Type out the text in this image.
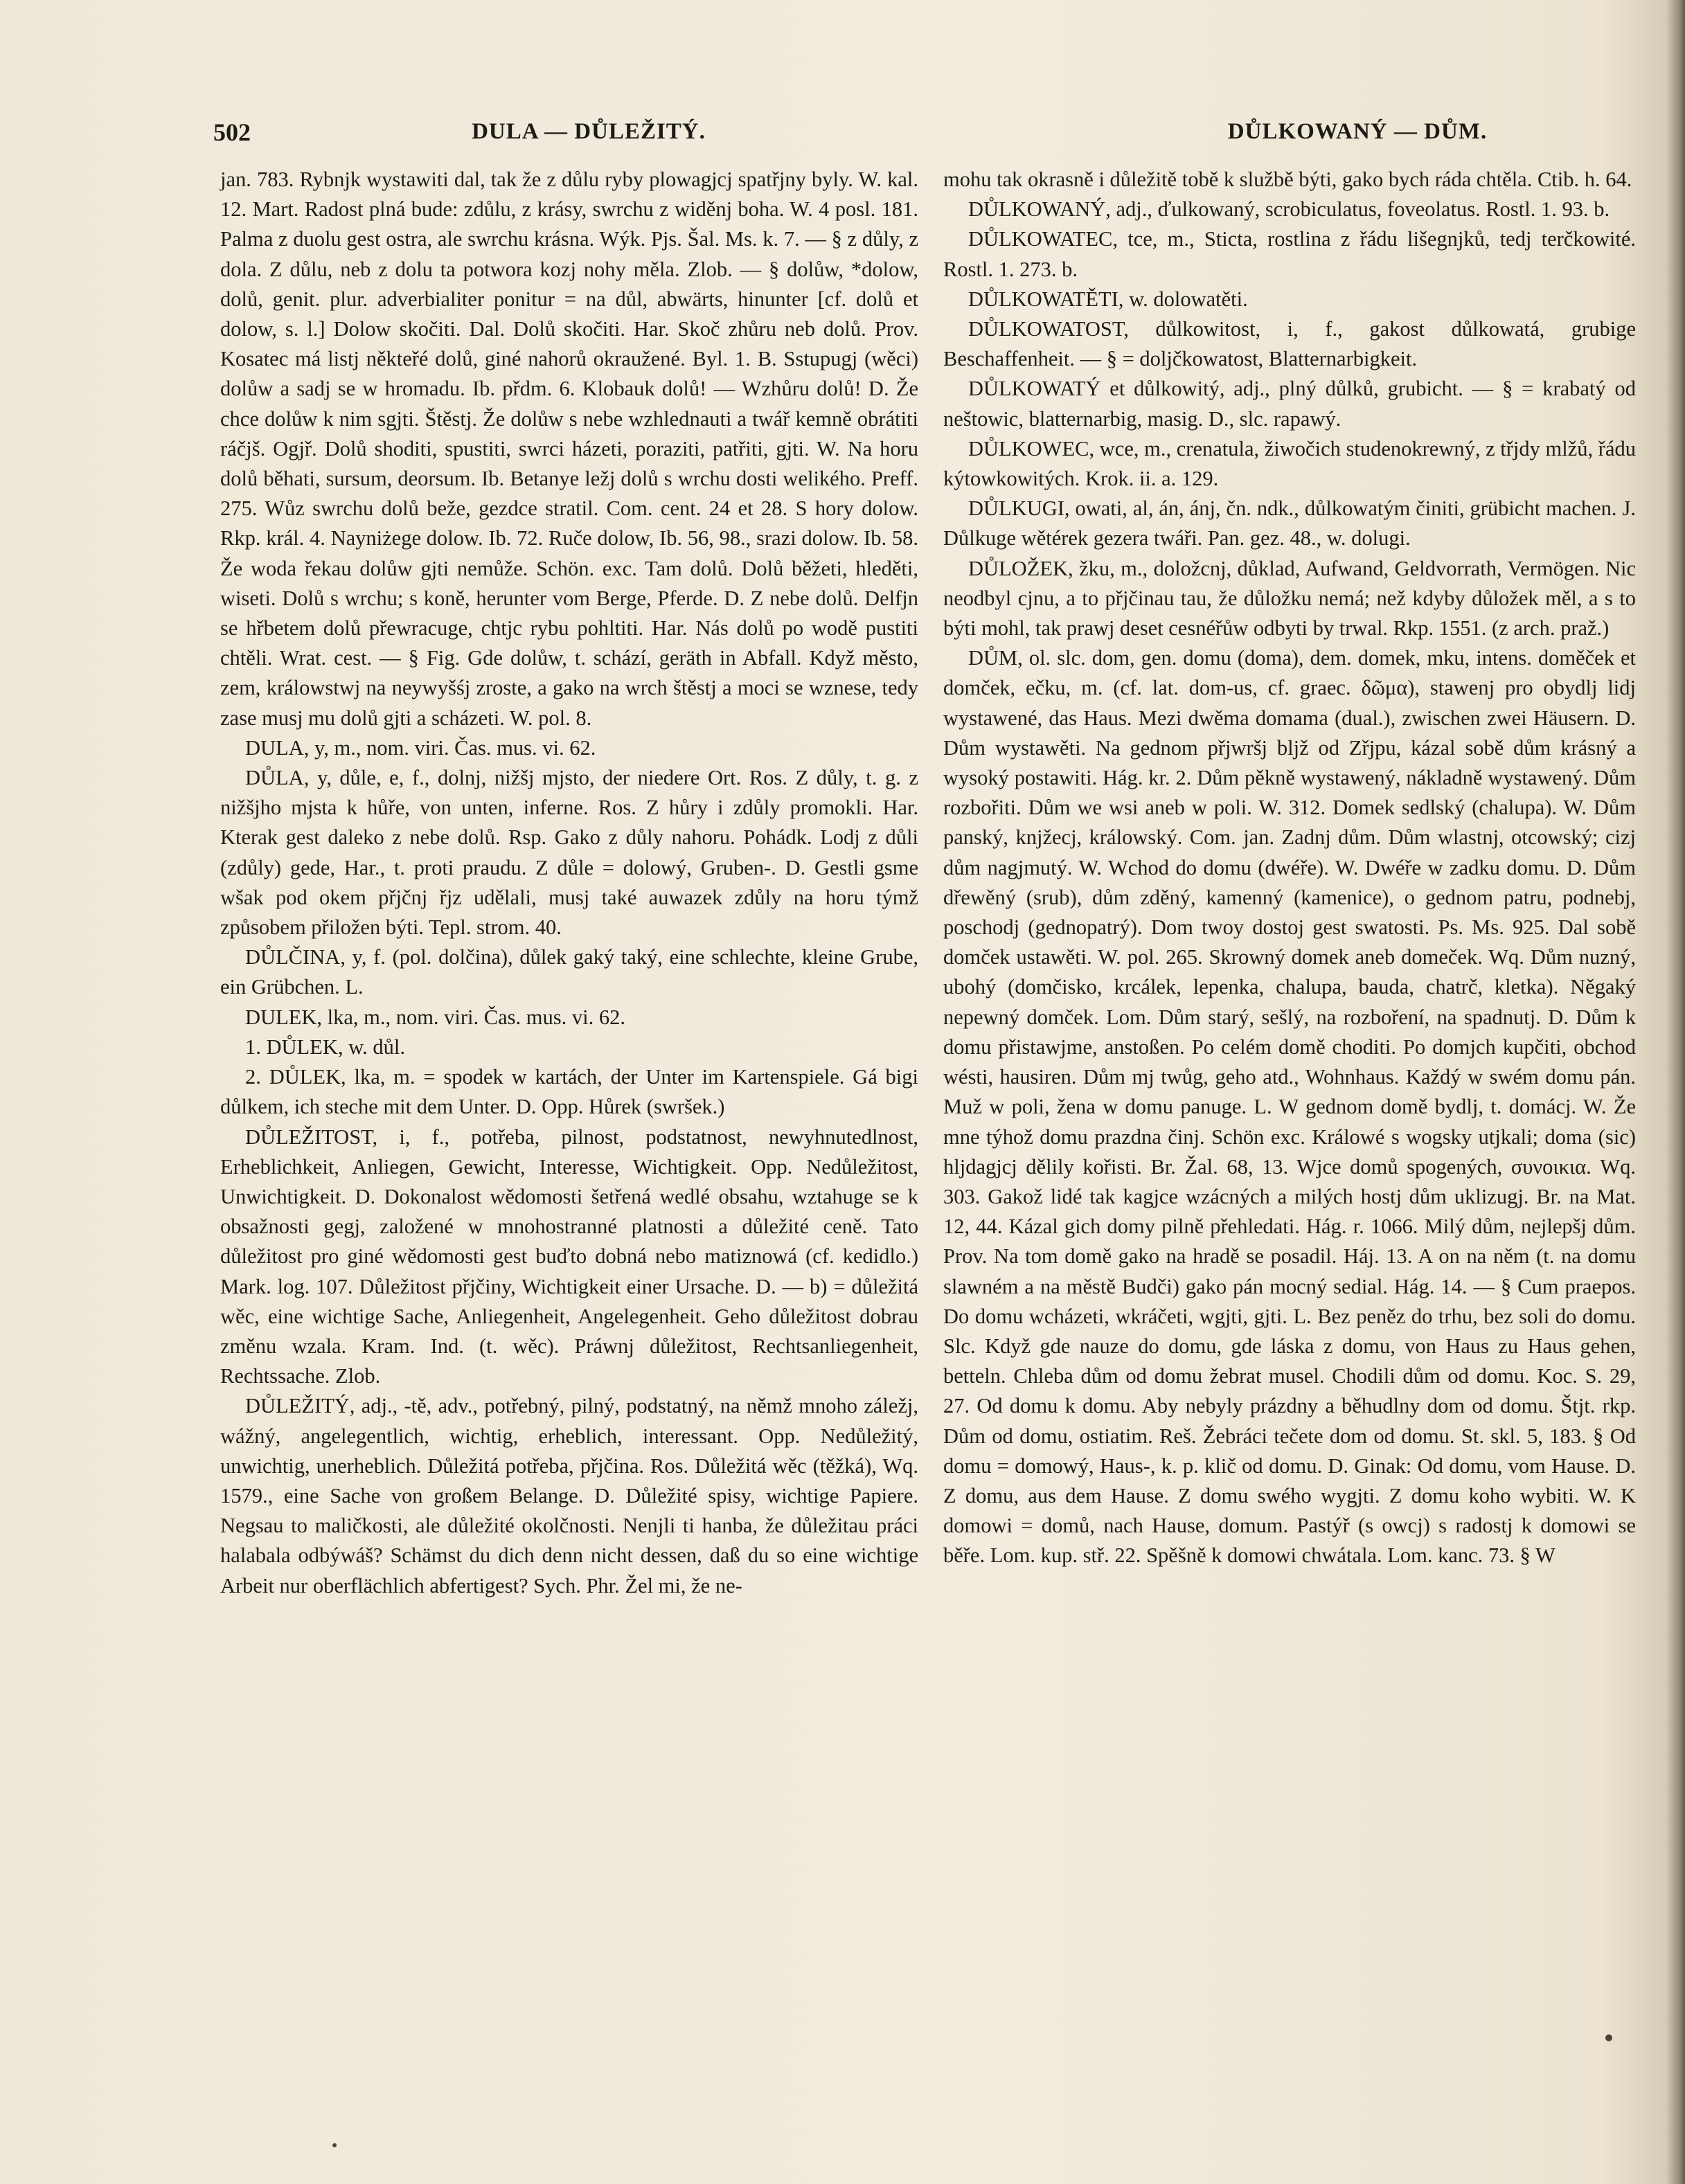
502	DULA — DŮLEŽITÝ.	DŮLKOWANÝ — DŮM.

jan. 783. Rybnjk wystawiti dal, tak že z důlu ryby plowagjcj spatřjny byly. W. kal. 12. Mart. Radost plná bude: zdůlu, z krásy, swrchu z widěnj boha. W. 4 posl. 181. Palma z duolu gest ostra, ale swrchu krásna. Wýk. Pjs. Šal. Ms. k. 7. — § z důly, z dola. Z důlu, neb z dolu ta potwora kozj nohy měla. Zlob. — § dolůw, *dolow, dolů, genit. plur. adverbialiter ponitur = na důl, abwärts, hinunter [cf. dolů et dolow, s. l.] Dolow skočiti. Dal. Dolů skočiti. Har. Skoč zhůru neb dolů. Prov. Kosatec má listj někteřé dolů, giné nahorů okraužené. Byl. 1. B. Sstupugj (wěci) dolůw a sadj se w hromadu. Ib. přdm. 6. Klobauk dolů! — Wzhůru dolů! D. Že chce dolůw k nim sgjti. Štěstj. Že dolůw s nebe wzhlednauti a twář kemně obrátiti ráčjš. Ogjř. Dolů shoditi, spustiti, swrci házeti, poraziti, patřiti, gjti. W. Na horu dolů běhati, sursum, deorsum. Ib. Betanye ležj dolů s wrchu dosti welikého. Preff. 275. Wůz swrchu dolů beže, gezdce stratil. Com. cent. 24 et 28. S hory dolow. Rkp. král. 4. Nayniżege dolow. Ib. 72. Ruče dolow, Ib. 56, 98., srazi dolow. Ib. 58. Že woda řekau dolůw gjti nemůže. Schön. exc. Tam dolů. Dolů běžeti, hleděti, wiseti. Dolů s wrchu; s koně, herunter vom Berge, Pferde. D. Z nebe dolů. Delfjn se hřbetem dolů přewracuge, chtjc rybu pohltiti. Har. Nás dolů po wodě pustiti chtěli. Wrat. cest. — § Fig. Gde dolůw, t. schází, geräth in Abfall. Když město, zem, králowstwj na neywyšśj zroste, a gako na wrch štěstj a moci se wznese, tedy zase musj mu dolů gjti a scházeti. W. pol. 8.

DULA, y, m., nom. viri. Čas. mus. vi. 62.

DŮLA, y, důle, e, f., dolnj, nižšj mjsto, der niedere Ort. Ros. Z důly, t. g. z nižšjho mjsta k hůře, von unten, inferne. Ros. Z hůry i zdůly promokli. Har. Kterak gest daleko z nebe dolů. Rsp. Gako z důly nahoru. Pohádk. Lodj z důli (zdůly) gede, Har., t. proti praudu. Z důle = dolowý, Gruben-. D. Gestli gsme wšak pod okem přjčnj řjz udělali, musj také auwazek zdůly na horu týmž způsobem přiložen býti. Tepl. strom. 40.

DŮLČINA, y, f. (pol. dolčina), důlek gaký taký, eine schlechte, kleine Grube, ein Grübchen. L.

DULEK, lka, m., nom. viri. Čas. mus. vi. 62.

1. DŮLEK, w. důl.

2. DŮLEK, lka, m. = spodek w kartách, der Unter im Kartenspiele. Gá bigi důlkem, ich steche mit dem Unter. D. Opp. Hůrek (swršek.)

DŮLEŽITOST, i, f., potřeba, pilnost, podstatnost, newyhnutedlnost, Erheblichkeit, Anliegen, Gewicht, Interesse, Wichtigkeit. Opp. Nedůležitost, Unwichtigkeit. D. Dokonalost wědomosti šetřená wedlé obsahu, wztahuge se k obsažnosti gegj, založené w mnohostranné platnosti a důležité ceně. Tato důležitost pro giné wědomosti gest buďto dobná nebo matiznowá (cf. kedidlo.) Mark. log. 107. Důležitost přjčiny, Wichtigkeit einer Ursache. D. — b) = důležitá wěc, eine wichtige Sache, Anliegenheit, Angelegenheit. Geho důležitost dobrau změnu wzala. Kram. Ind. (t. wěc). Práwnj důležitost, Rechtsanliegenheit, Rechtssache. Zlob.

DŮLEŽITÝ, adj., -tě, adv., potřebný, pilný, podstatný, na němž mnoho záležj, wážný, angelegentlich, wichtig, erheblich, interessant. Opp. Nedůležitý, unwichtig, unerheblich. Důležitá potřeba, přjčina. Ros. Důležitá wěc (těžká), Wq. 1579., eine Sache von großem Belange. D. Důležité spisy, wichtige Papiere. Negsau to maličkosti, ale důležité okolčnosti. Nenjli ti hanba, že důležitau práci halabala odbýwáš? Schämst du dich denn nicht dessen, daß du so eine wichtige Arbeit nur oberflächlich abfertigest? Sych. Phr. Žel mi, že ne-

mohu tak okrasně i důležitě tobě k službě býti, gako bych ráda chtěla. Ctib. h. 64.

DŮLKOWANÝ, adj., ďulkowaný, scrobiculatus, foveolatus. Rostl. 1. 93. b.

DŮLKOWATEC, tce, m., Sticta, rostlina z řádu lišegnjků, tedj terčkowité. Rostl. 1. 273. b.

DŮLKOWATĚTI, w. dolowatěti.

DŮLKOWATOST, důlkowitost, i, f., gakost důlkowatá, grubige Beschaffenheit. — § = doljčkowatost, Blatternarbigkeit.

DŮLKOWATÝ et důlkowitý, adj., plný důlků, grubicht. — § = krabatý od neštowic, blatternarbig, masig. D., slc. rapawý.

DŮLKOWEC, wce, m., crenatula, žiwočich studenokrewný, z třjdy mlžů, řádu kýtowkowitých. Krok. ii. a. 129.

DŮLKUGI, owati, al, án, ánj, čn. ndk., důlkowatým činiti, grübicht machen. J. Důlkuge wětérek gezera twáři. Pan. gez. 48., w. dolugi.

DŮLOŽEK, žku, m., doložcnj, důklad, Aufwand, Geldvorrath, Vermögen. Nic neodbyl cjnu, a to přjčinau tau, že důložku nemá; než kdyby důložek měl, a s to býti mohl, tak prawj deset cesnéřůw odbyti by trwal. Rkp. 1551. (z arch. praž.)

DŮM, ol. slc. dom, gen. domu (doma), dem. domek, mku, intens. doměček et domček, ečku, m. (cf. lat. dom-us, cf. graec. δῶμα), stawenj pro obydlj lidj wystawené, das Haus. Mezi dwěma domama (dual.), zwischen zwei Häusern. D. Dům wystawěti. Na gednom přjwršj bljž od Zřjpu, kázal sobě dům krásný a wysoký postawiti. Hág. kr. 2. Dům pěkně wystawený, nákladně wystawený. Dům rozbořiti. Dům we wsi aneb w poli. W. 312. Domek sedlský (chalupa). W. Dům panský, knjžecj, králowský. Com. jan. Zadnj dům. Dům wlastnj, otcowský; cizj dům nagjmutý. W. Wchod do domu (dwéře). W. Dwéře w zadku domu. D. Dům dřewěný (srub), dům zděný, kamenný (kamenice), o gednom patru, podnebj, poschodj (gednopatrý). Dom twoy dostoj gest swatosti. Ps. Ms. 925. Dal sobě domček ustawěti. W. pol. 265. Skrowný domek aneb domeček. Wq. Dům nuzný, ubohý (domčisko, krcálek, lepenka, chalupa, bauda, chatrč, kletka). Něgaký nepewný domček. Lom. Dům starý, sešlý, na rozboření, na spadnutj. D. Dům k domu přistawjme, anstoßen. Po celém domě choditi. Po domjch kupčiti, obchod wésti, hausiren. Dům mj twůg, geho atd., Wohnhaus. Každý w swém domu pán. Muž w poli, žena w domu panuge. L. W gednom domě bydlj, t. domácj. W. Že mne týhož domu prazdna činj. Schön exc. Králowé s wogsky utjkali; doma (sic) hljdagjcj dělily kořisti. Br. Žal. 68, 13. Wjce domů spogených, συνοικια. Wq. 303. Gakož lidé tak kagjce wzácných a milých hostj dům uklizugj. Br. na Mat. 12, 44. Kázal gich domy pilně přehledati. Hág. r. 1066. Milý dům, nejlepšj dům. Prov. Na tom domě gako na hradě se posadil. Háj. 13. A on na něm (t. na domu slawném a na městě Budči) gako pán mocný sedial. Hág. 14. — § Cum praepos. Do domu wcházeti, wkráčeti, wgjti, gjti. L. Bez peněz do trhu, bez soli do domu. Slc. Když gde nauze do domu, gde láska z domu, von Haus zu Haus gehen, betteln. Chleba dům od domu žebrat musel. Chodili dům od domu. Koc. S. 29, 27. Od domu k domu. Aby nebyly prázdny a běhudlny dom od domu. Štjt. rkp. Dům od domu, ostiatim. Reš. Žebráci tečete dom od domu. St. skl. 5, 183. § Od domu = domowý, Haus-, k. p. klič od domu. D. Ginak: Od domu, vom Hause. D. Z domu, aus dem Hause. Z domu swého wygjti. Z domu koho wybiti. W. K domowi = domů, nach Hause, domum. Pastýř (s owcj) s radostj k domowi se běře. Lom. kup. stř. 22. Spěšně k domowi chwátala. Lom. kanc. 73. § W
